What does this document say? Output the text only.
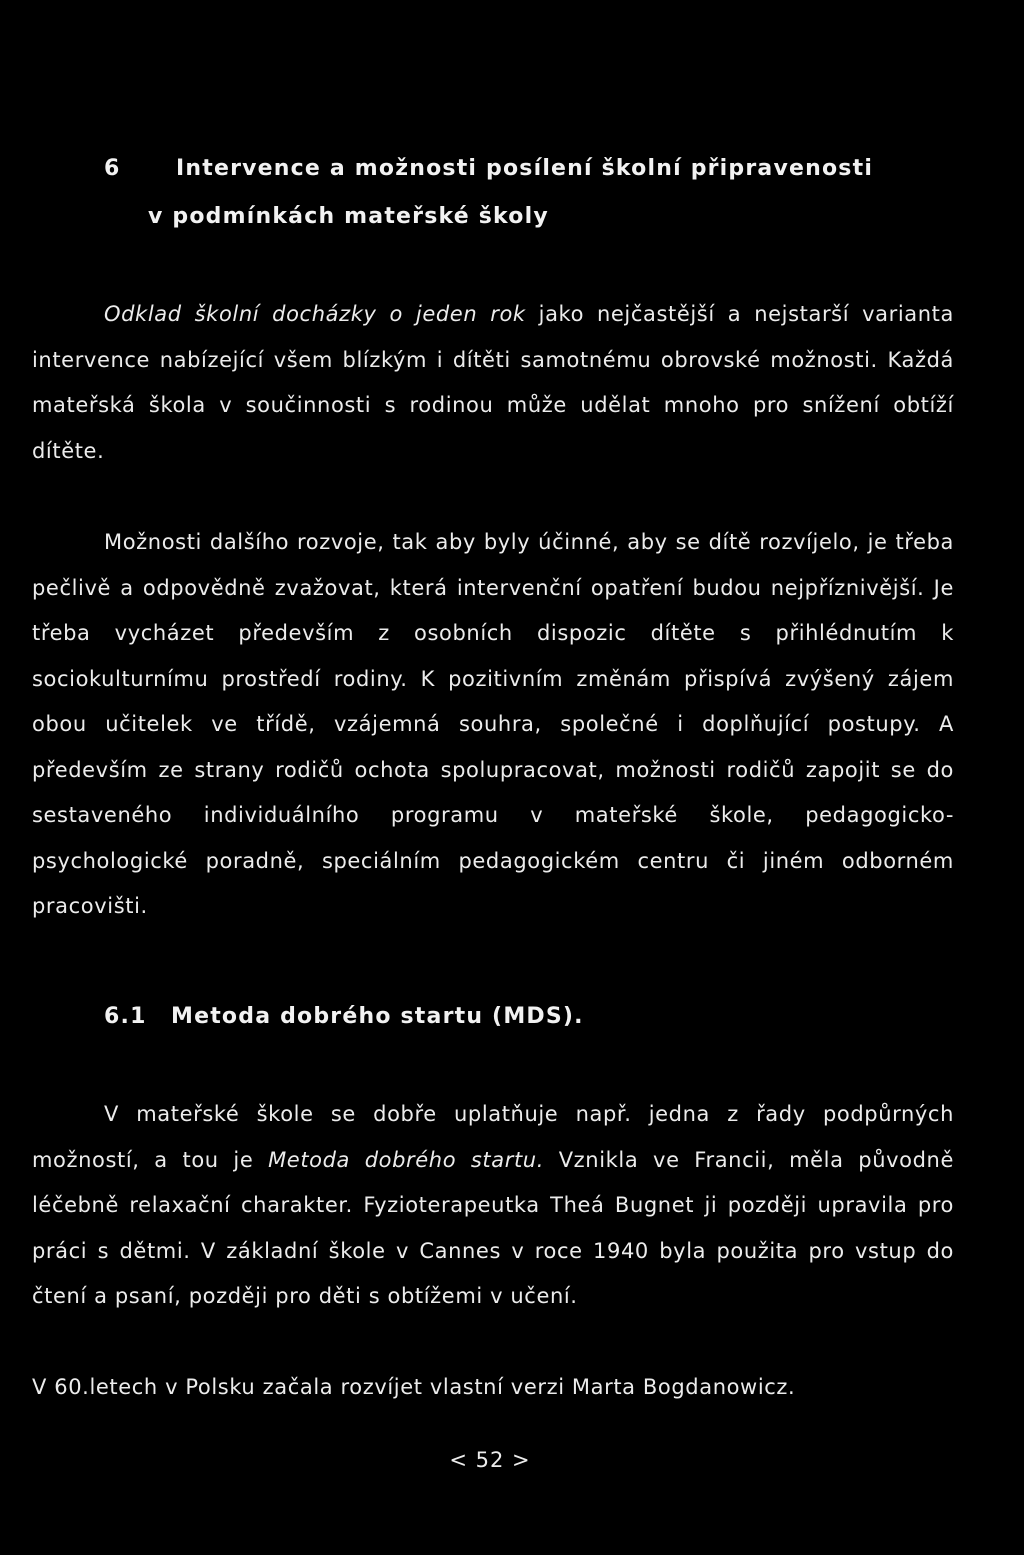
6	Intervence a možnosti posílení školní připravenosti
v podmínkách mateřské školy

Odklad školní docházky o jeden rok jako nejčastější a nejstarší varianta intervence nabízející všem blízkým i dítěti samotnému obrovské možnosti. Každá mateřská škola v součinnosti s rodinou může udělat mnoho pro snížení obtíží dítěte.

Možnosti dalšího rozvoje, tak aby byly účinné, aby se dítě rozvíjelo, je třeba pečlivě a odpovědně zvažovat, která intervenční opatření budou nejpříznivější. Je třeba vycházet především z osobních dispozic dítěte s přihlédnutím k sociokulturnímu prostředí rodiny. K pozitivním změnám přispívá zvýšený zájem obou učitelek ve třídě, vzájemná souhra, společné i doplňující postupy. A především ze strany rodičů ochota spolupracovat, možnosti rodičů zapojit se do sestaveného individuálního programu v mateřské škole, pedagogicko-psychologické poradně, speciálním pedagogickém centru či jiném odborném pracovišti.

6.1 Metoda dobrého startu (MDS).

V mateřské škole se dobře uplatňuje např. jedna z řady podpůrných možností, a tou je Metoda dobrého startu. Vznikla ve Francii, měla původně léčebně relaxační charakter. Fyzioterapeutka Theá Bugnet ji později upravila pro práci s dětmi. V základní škole v Cannes v roce 1940 byla použita pro vstup do čtení a psaní, později pro děti s obtížemi v učení.

V 60.letech v Polsku začala rozvíjet vlastní verzi Marta Bogdanowicz.

< 52 >
